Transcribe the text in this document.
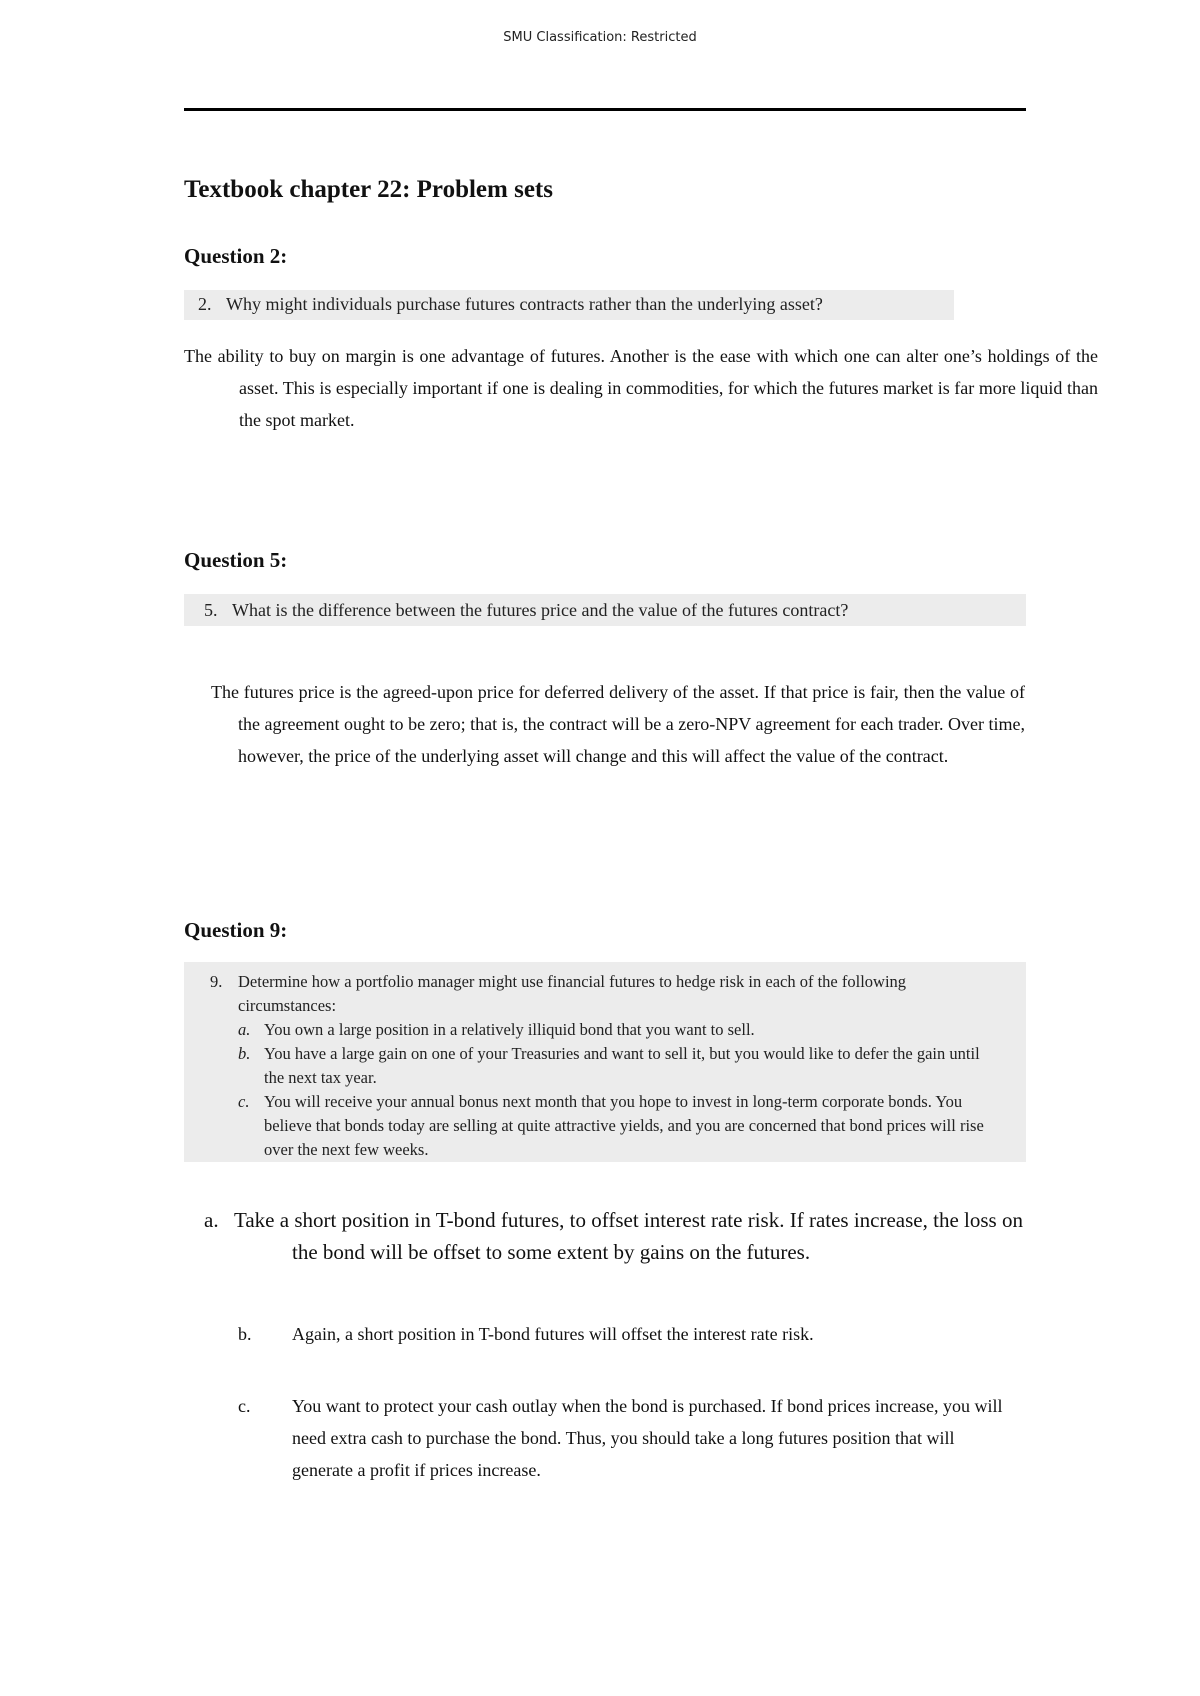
SMU Classification: Restricted
Textbook chapter 22: Problem sets
Question 2:
2. Why might individuals purchase futures contracts rather than the underlying asset?

The ability to buy on margin is one advantage of futures. Another is the ease with which one can alter one’s holdings of the asset. This is especially important if one is dealing in commodities, for which the futures market is far more liquid than the spot market.

Question 5:
5. What is the difference between the futures price and the value of the futures contract?

The futures price is the agreed-upon price for deferred delivery of the asset. If that price is fair, then the value of the agreement ought to be zero; that is, the contract will be a zero-NPV agreement for each trader. Over time, however, the price of the underlying asset will change and this will affect the value of the contract.

Question 9:
9. Determine how a portfolio manager might use financial futures to hedge risk in each of the following circumstances:
a. You own a large position in a relatively illiquid bond that you want to sell.
b. You have a large gain on one of your Treasuries and want to sell it, but you would like to defer the gain until the next tax year.
c. You will receive your annual bonus next month that you hope to invest in long-term corporate bonds. You believe that bonds today are selling at quite attractive yields, and you are concerned that bond prices will rise over the next few weeks.
a. Take a short position in T-bond futures, to offset interest rate risk. If rates increase, the loss on the bond will be offset to some extent by gains on the futures.
b. Again, a short position in T-bond futures will offset the interest rate risk.
c. You want to protect your cash outlay when the bond is purchased. If bond prices increase, you will need extra cash to purchase the bond. Thus, you should take a long futures position that will generate a profit if prices increase.
